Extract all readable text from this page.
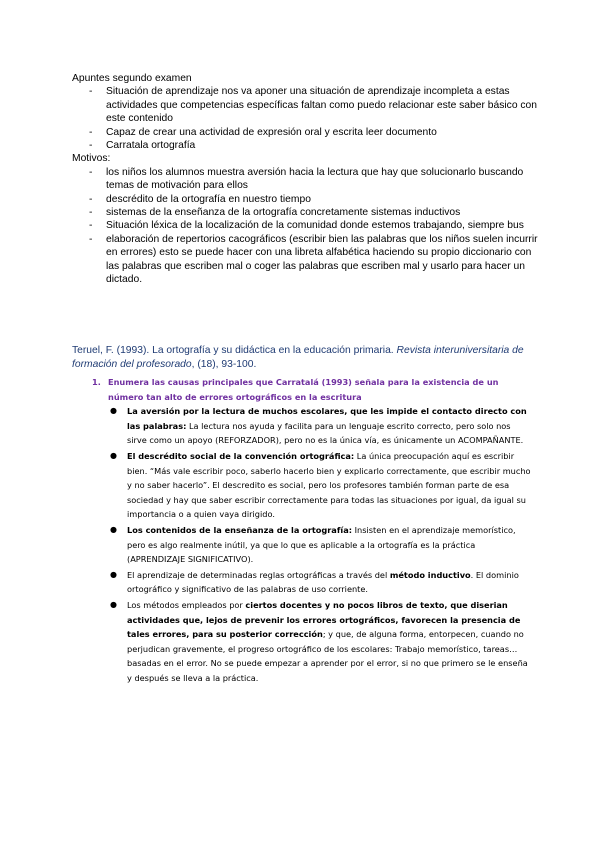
Apuntes segundo examen

- Situación de aprendizaje nos va aponer una situación de aprendizaje incompleta a estas actividades que competencias específicas faltan como puedo relacionar este saber básico con este contenido
- Capaz de crear una actividad de expresión oral y escrita leer documento
- Carratala ortografía

Motivos:

- los niños los alumnos muestra aversión hacia la lectura que hay que solucionarlo buscando temas de motivación para ellos
- descrédito de la ortografía en nuestro tiempo
- sistemas de la enseñanza de la ortografía concretamente sistemas inductivos
- Situación léxica de la localización de la comunidad donde estemos trabajando, siempre bus
- elaboración de repertorios cacográficos (escribir bien las palabras que los niños suelen incurrir en errores) esto se puede hacer con una libreta alfabética haciendo su propio diccionario con las palabras que escriben mal o coger las palabras que escriben mal y usarlo para hacer un dictado.

Teruel, F. (1993). La ortografía y su didáctica en la educación primaria. Revista interuniversitaria de formación del profesorado, (18), 93-100.

1. Enumera las causas principales que Carratalá (1993) señala para la existencia de un número tan alto de errores ortográficos en la escritura

● La aversión por la lectura de muchos escolares, que les impide el contacto directo con las palabras: La lectura nos ayuda y facilita para un lenguaje escrito correcto, pero solo nos sirve como un apoyo (REFORZADOR), pero no es la única vía, es únicamente un ACOMPAÑANTE.
● El descrédito social de la convención ortográfica: La única preocupación aquí es escribir bien. “Más vale escribir poco, saberlo hacerlo bien y explicarlo correctamente, que escribir mucho y no saber hacerlo”. El descredito es social, pero los profesores también forman parte de esa sociedad y hay que saber escribir correctamente para todas las situaciones por igual, da igual su importancia o a quien vaya dirigido.
● Los contenidos de la enseñanza de la ortografía: Insisten en el aprendizaje memorístico, pero es algo realmente inútil, ya que lo que es aplicable a la ortografía es la práctica (APRENDIZAJE SIGNIFICATIVO).
● El aprendizaje de determinadas reglas ortográficas a través del método inductivo. El dominio ortográfico y significativo de las palabras de uso corriente.
● Los métodos empleados por ciertos docentes y no pocos libros de texto, que diserian actividades que, lejos de prevenir los errores ortográficos, favorecen la presencia de tales errores, para su posterior corrección; y que, de alguna forma, entorpecen, cuando no perjudican gravemente, el progreso ortográfico de los escolares: Trabajo memorístico, tareas… basadas en el error. No se puede empezar a aprender por el error, si no que primero se le enseña y después se lleva a la práctica.
